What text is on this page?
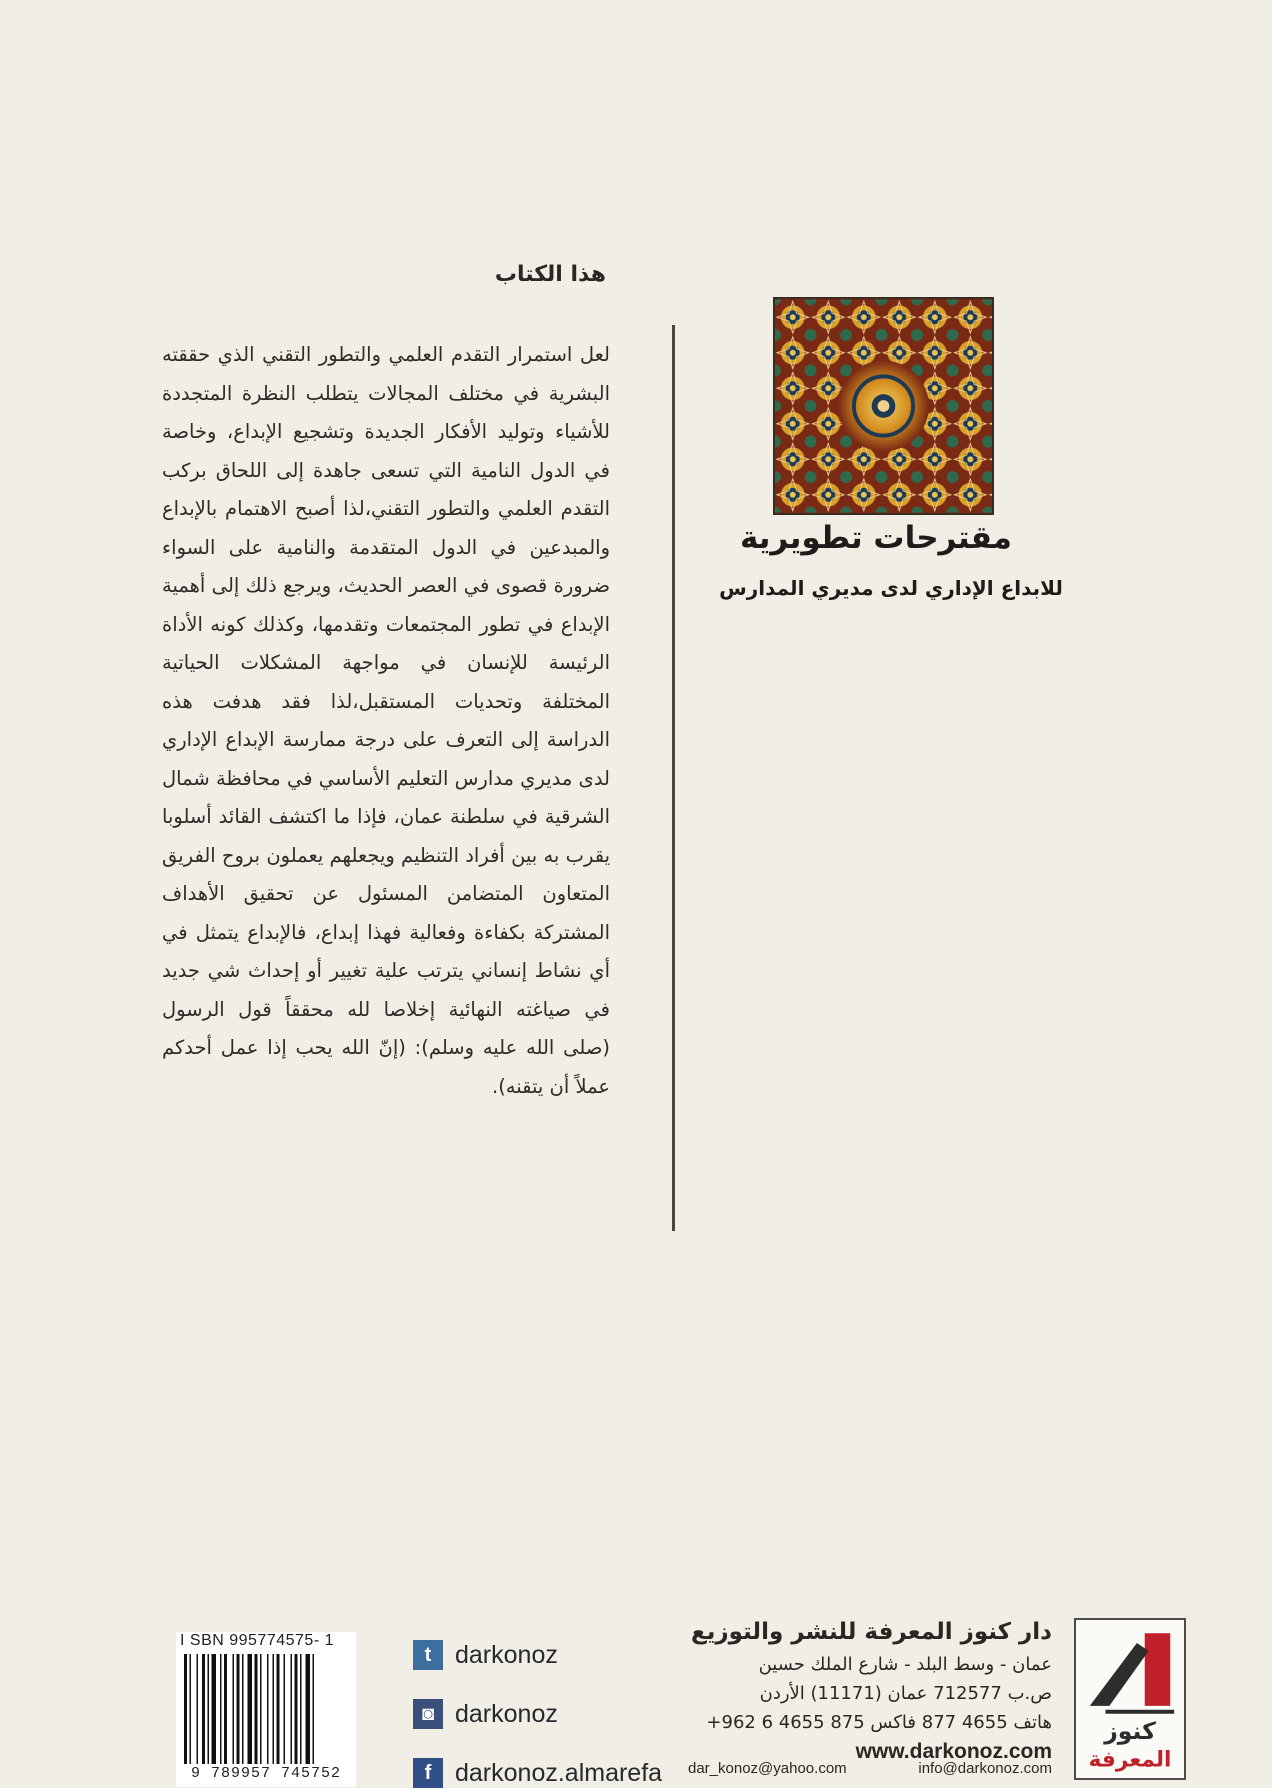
هذا الكتاب
لعل استمرار التقدم العلمي والتطور التقني الذي حققته البشرية في مختلف المجالات يتطلب النظرة المتجددة للأشياء وتوليد الأفكار الجديدة وتشجيع الإبداع، وخاصة في الدول النامية التي تسعى جاهدة إلى اللحاق بركب التقدم العلمي والتطور التقني،لذا أصبح الاهتمام بالإبداع والمبدعين في الدول المتقدمة والنامية على السواء ضرورة قصوى في العصر الحديث، ويرجع ذلك إلى أهمية الإبداع في تطور المجتمعات وتقدمها، وكذلك كونه الأداة الرئيسة للإنسان في مواجهة المشكلات الحياتية المختلفة وتحديات المستقبل،لذا فقد هدفت هذه الدراسة إلى التعرف على درجة ممارسة الإبداع الإداري لدى مديري مدارس التعليم الأساسي في محافظة شمال الشرقية في سلطنة عمان، فإذا ما اكتشف القائد أسلوبا يقرب به بين أفراد التنظيم ويجعلهم يعملون بروح الفريق المتعاون المتضامن المسئول عن تحقيق الأهداف المشتركة بكفاءة وفعالية فهذا إبداع، فالإبداع يتمثل في أي نشاط إنساني يترتب علية تغيير أو إحداث شي جديد في صياغته النهائية إخلاصا لله محققاً قول الرسول (صلى الله عليه وسلم): (إنّ الله يحب إذا عمل أحدكم عملاً أن يتقنه).
مقترحات تطويرية
للابداع الإداري لدى مديري المدارس
كنوز
المعرفة
دار كنوز المعرفة للنشر والتوزيع
عمان - وسط البلد - شارع الملك حسين
ص.ب 712577 عمان (11171) الأردن
هاتف 4655 877 فاكس 875 4655 6 962+
www.darkonoz.com
dar_konoz@yahoo.com	info@darkonoz.com
t darkonoz
◙ darkonoz
f darkonoz.almarefa
I SBN 995774575- 1
9 789957 745752
